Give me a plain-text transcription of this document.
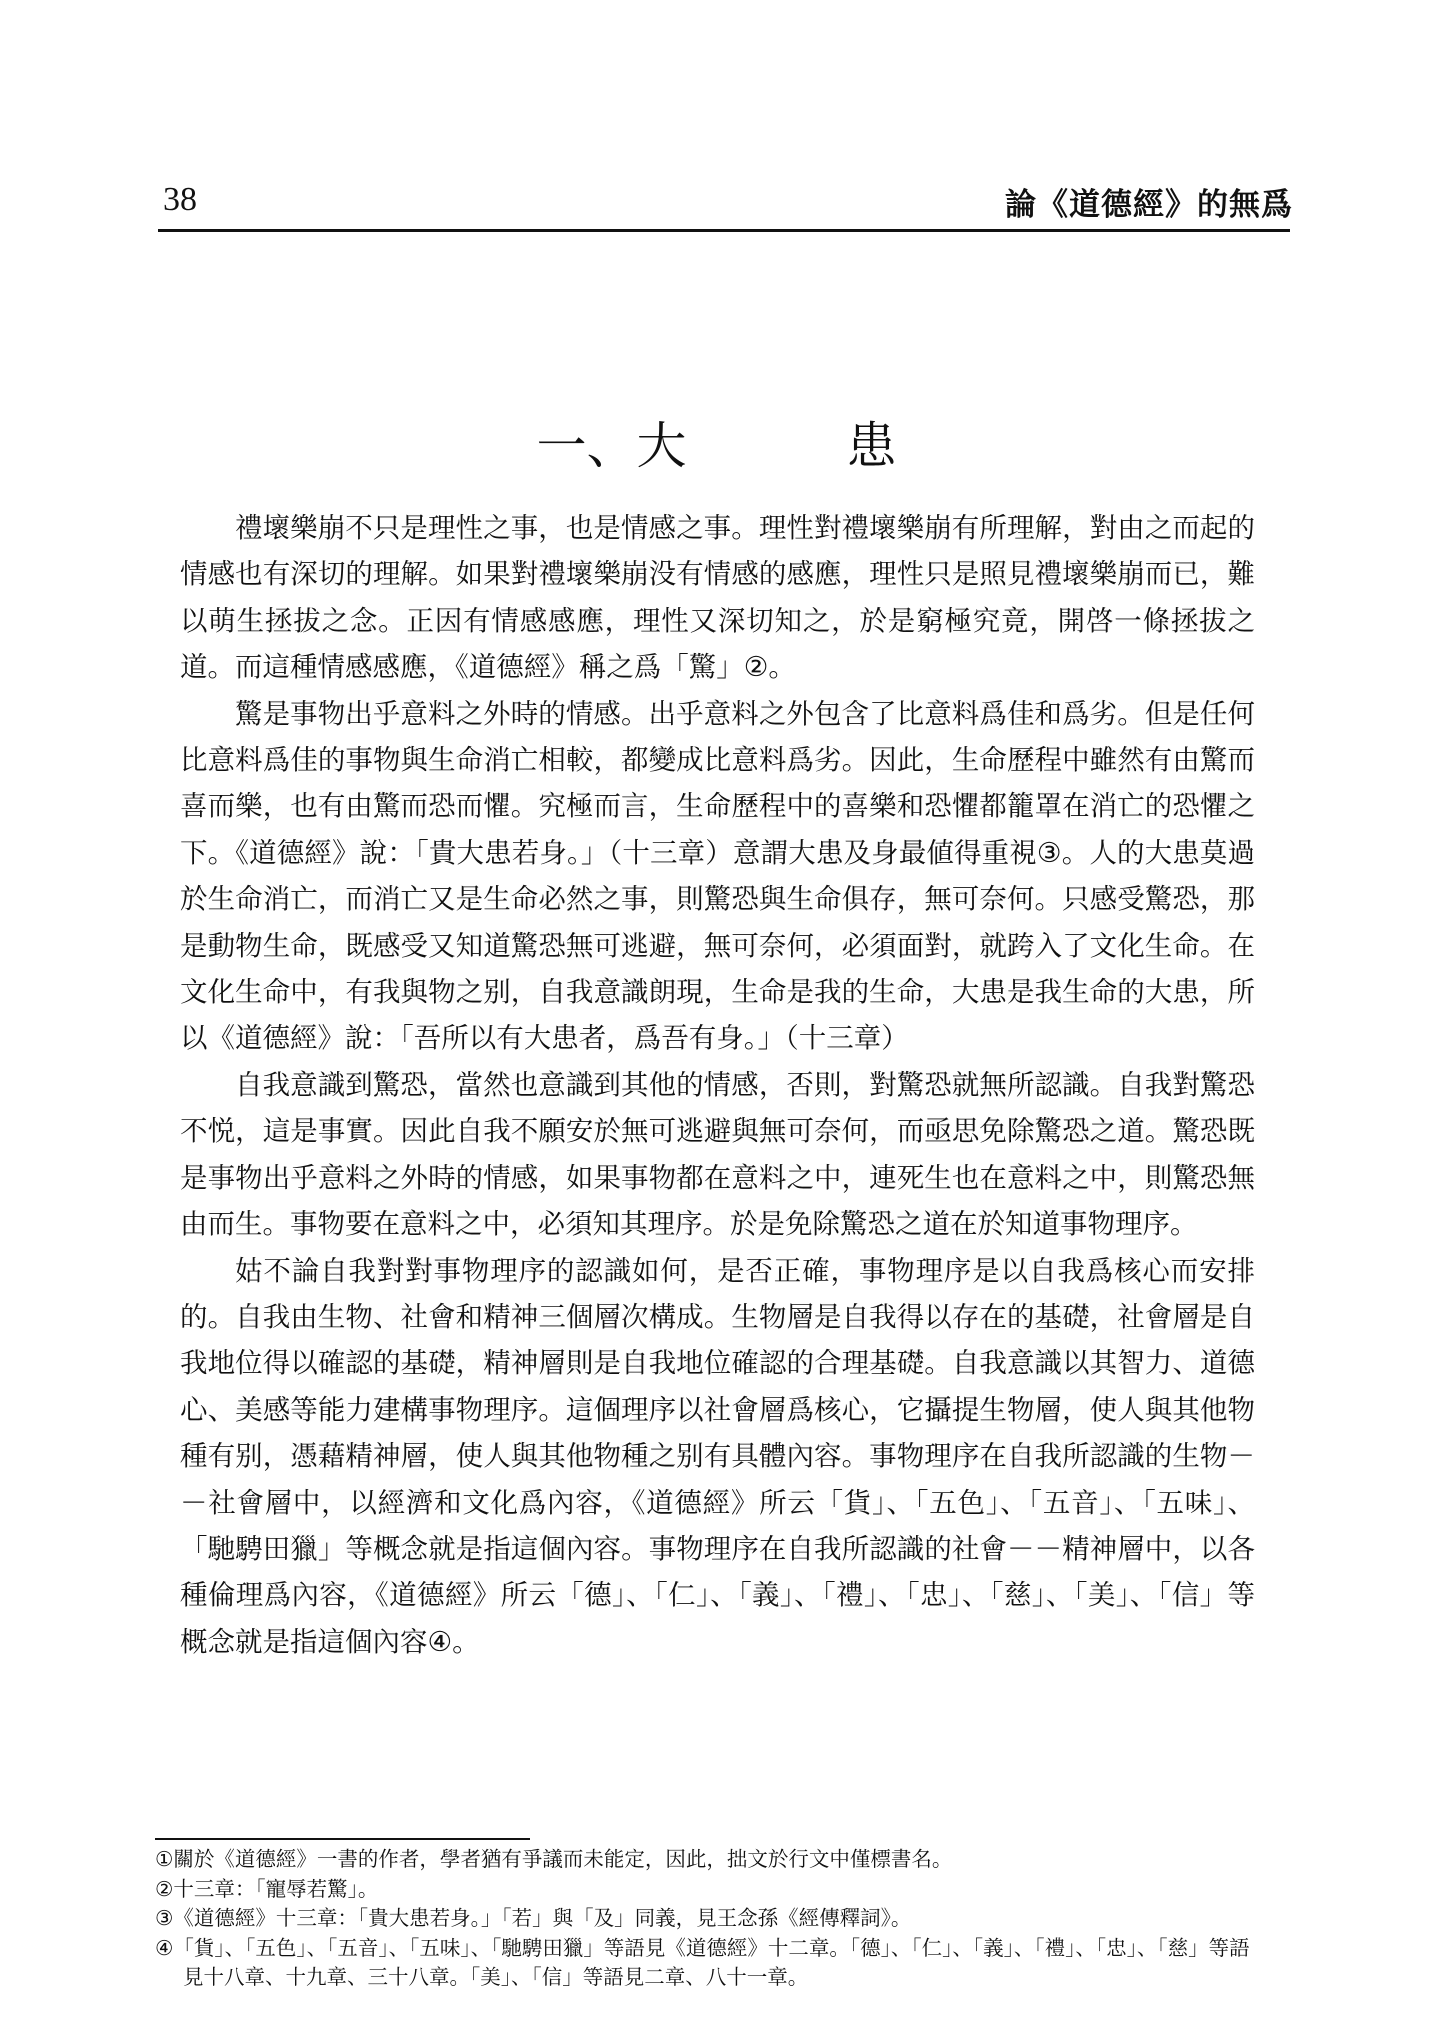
38	論《道德經》的無爲
一、大	患

禮壞樂崩不只是理性之事，也是情感之事。理性對禮壞樂崩有所理解，對由之而起的情感也有深切的理解。如果對禮壞樂崩没有情感的感應，理性只是照見禮壞樂崩而已，難以萌生拯拔之念。正因有情感感應，理性又深切知之，於是窮極究竟，開啓一條拯拔之道。而這種情感感應，《道德經》稱之爲「驚」②。

驚是事物出乎意料之外時的情感。出乎意料之外包含了比意料爲佳和爲劣。但是任何比意料爲佳的事物與生命消亡相較，都變成比意料爲劣。因此，生命歷程中雖然有由驚而喜而樂，也有由驚而恐而懼。究極而言，生命歷程中的喜樂和恐懼都籠罩在消亡的恐懼之下。《道德經》說：「貴大患若身。」（十三章）意謂大患及身最値得重視③。人的大患莫過於生命消亡，而消亡又是生命必然之事，則驚恐與生命俱存，無可奈何。只感受驚恐，那是動物生命，既感受又知道驚恐無可逃避，無可奈何，必須面對，就跨入了文化生命。在文化生命中，有我與物之别，自我意識朗現，生命是我的生命，大患是我生命的大患，所以《道德經》說：「吾所以有大患者，爲吾有身。」（十三章）

自我意識到驚恐，當然也意識到其他的情感，否則，對驚恐就無所認識。自我對驚恐不悦，這是事實。因此自我不願安於無可逃避與無可奈何，而亟思免除驚恐之道。驚恐既是事物出乎意料之外時的情感，如果事物都在意料之中，連死生也在意料之中，則驚恐無由而生。事物要在意料之中，必須知其理序。於是免除驚恐之道在於知道事物理序。

姑不論自我對對事物理序的認識如何，是否正確，事物理序是以自我爲核心而安排的。自我由生物、社會和精神三個層次構成。生物層是自我得以存在的基礎，社會層是自我地位得以確認的基礎，精神層則是自我地位確認的合理基礎。自我意識以其智力、道德心、美感等能力建構事物理序。這個理序以社會層爲核心，它攝提生物層，使人與其他物種有别，憑藉精神層，使人與其他物種之别有具體內容。事物理序在自我所認識的生物－－社會層中，以經濟和文化爲內容，《道德經》所云「貨」、「五色」、「五音」、「五味」、「馳騁田獵」等概念就是指這個內容。事物理序在自我所認識的社會－－精神層中，以各種倫理爲內容，《道德經》所云「德」、「仁」、「義」、「禮」、「忠」、「慈」、「美」、「信」等概念就是指這個內容④。

①關於《道德經》一書的作者，學者猶有爭議而未能定，因此，拙文於行文中僅標書名。

②十三章：「寵辱若驚」。

③《道德經》十三章：「貴大患若身。」「若」與「及」同義，見王念孫《經傳釋詞》。

④「貨」、「五色」、「五音」、「五味」、「馳騁田獵」等語見《道德經》十二章。「德」、「仁」、「義」、「禮」、「忠」、「慈」等語見十八章、十九章、三十八章。「美」、「信」等語見二章、八十一章。
